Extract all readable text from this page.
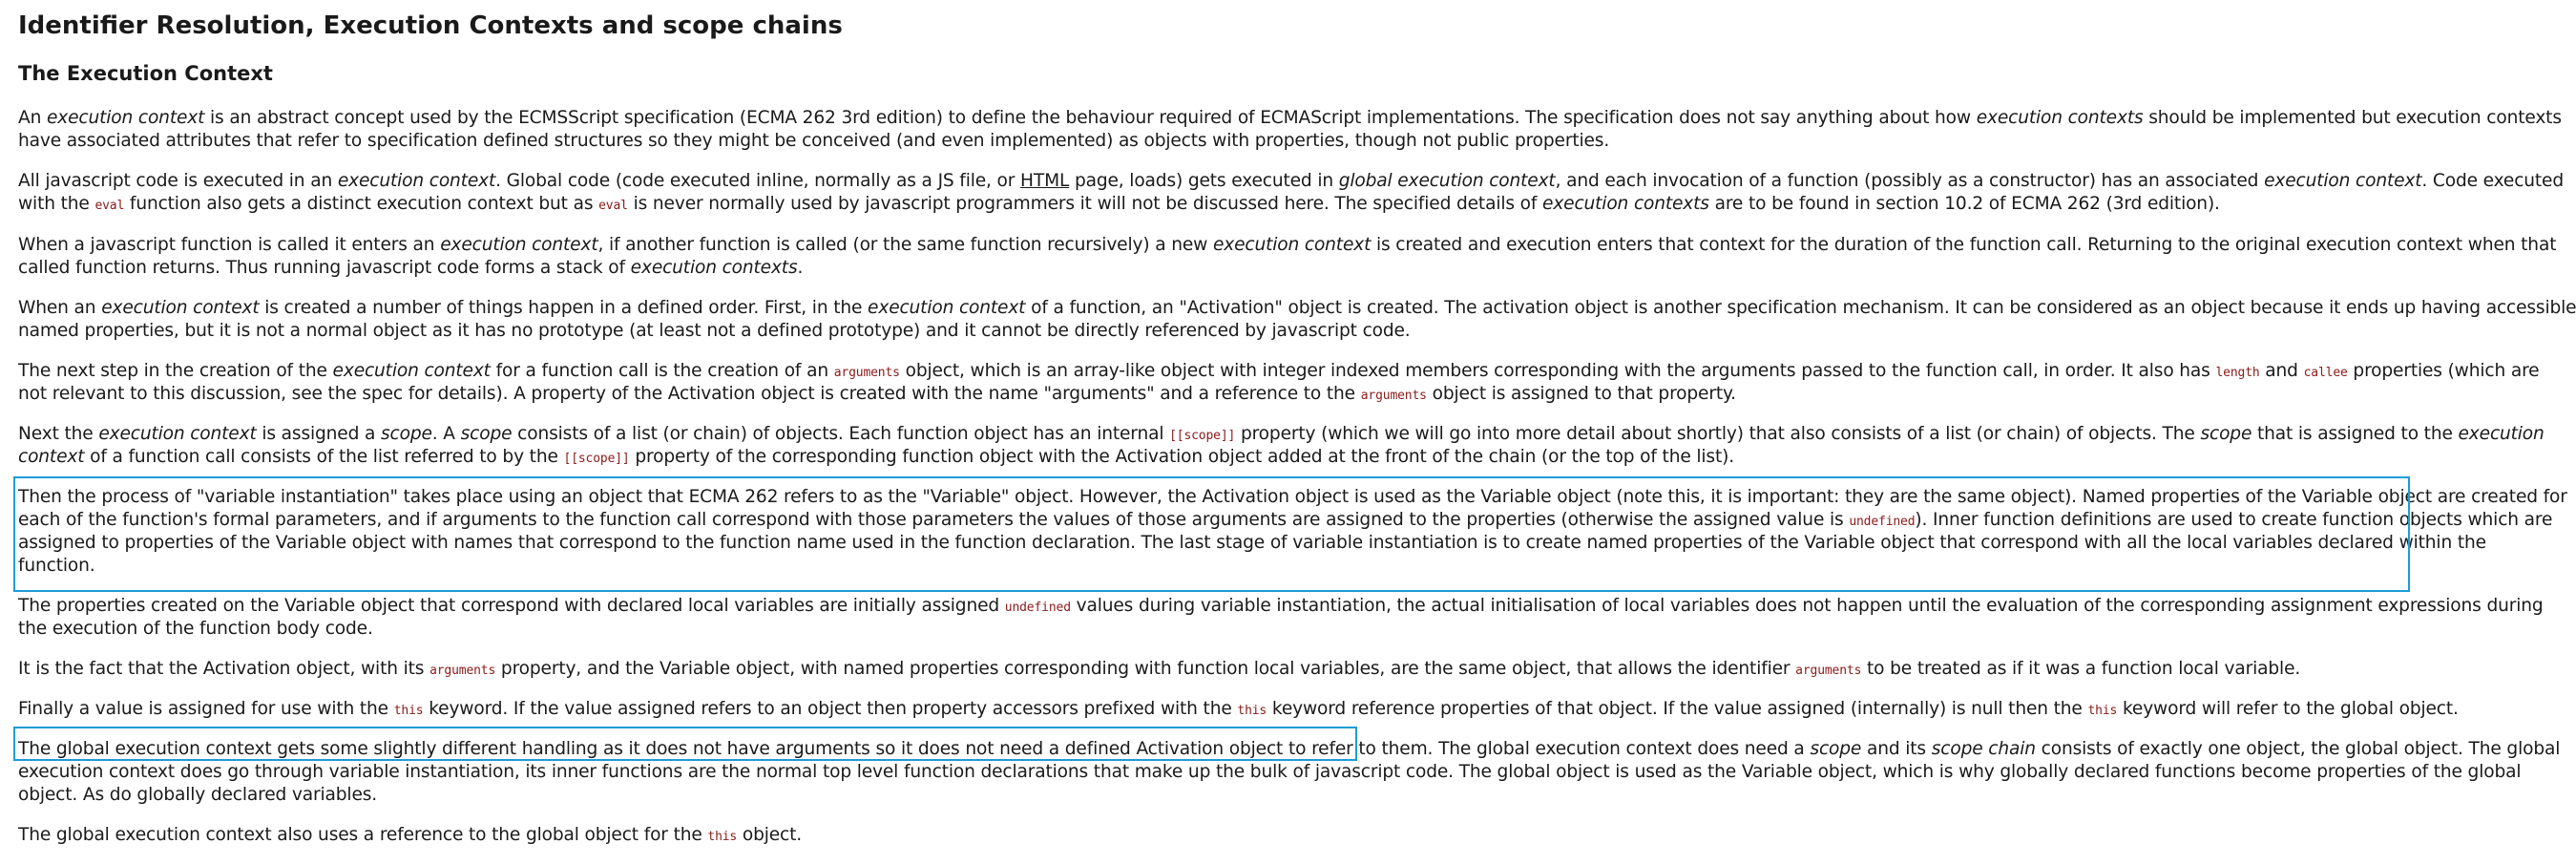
Identifier Resolution, Execution Contexts and scope chains
The Execution Context

An execution context is an abstract concept used by the ECMSScript specification (ECMA 262 3rd edition) to define the behaviour required of ECMAScript implementations. The specification does not say anything about how execution contexts should be implemented but execution contexts

have associated attributes that refer to specification defined structures so they might be conceived (and even implemented) as objects with properties, though not public properties.

All javascript code is executed in an execution context. Global code (code executed inline, normally as a JS file, or HTML page, loads) gets executed in global execution context, and each invocation of a function (possibly as a constructor) has an associated execution context. Code executed

with the eval function also gets a distinct execution context but as eval is never normally used by javascript programmers it will not be discussed here. The specified details of execution contexts are to be found in section 10.2 of ECMA 262 (3rd edition).

When a javascript function is called it enters an execution context, if another function is called (or the same function recursively) a new execution context is created and execution enters that context for the duration of the function call. Returning to the original execution context when that

called function returns. Thus running javascript code forms a stack of execution contexts.

When an execution context is created a number of things happen in a defined order. First, in the execution context of a function, an "Activation" object is created. The activation object is another specification mechanism. It can be considered as an object because it ends up having accessible

named properties, but it is not a normal object as it has no prototype (at least not a defined prototype) and it cannot be directly referenced by javascript code.

The next step in the creation of the execution context for a function call is the creation of an arguments object, which is an array-like object with integer indexed members corresponding with the arguments passed to the function call, in order. It also has length and callee properties (which are

not relevant to this discussion, see the spec for details). A property of the Activation object is created with the name "arguments" and a reference to the arguments object is assigned to that property.

Next the execution context is assigned a scope. A scope consists of a list (or chain) of objects. Each function object has an internal [[scope]] property (which we will go into more detail about shortly) that also consists of a list (or chain) of objects. The scope that is assigned to the execution

context of a function call consists of the list referred to by the [[scope]] property of the corresponding function object with the Activation object added at the front of the chain (or the top of the list).

Then the process of "variable instantiation" takes place using an object that ECMA 262 refers to as the "Variable" object. However, the Activation object is used as the Variable object (note this, it is important: they are the same object). Named properties of the Variable object are created for

each of the function's formal parameters, and if arguments to the function call correspond with those parameters the values of those arguments are assigned to the properties (otherwise the assigned value is undefined). Inner function definitions are used to create function objects which are

assigned to properties of the Variable object with names that correspond to the function name used in the function declaration. The last stage of variable instantiation is to create named properties of the Variable object that correspond with all the local variables declared within the

function.

The properties created on the Variable object that correspond with declared local variables are initially assigned undefined values during variable instantiation, the actual initialisation of local variables does not happen until the evaluation of the corresponding assignment expressions during

the execution of the function body code.

It is the fact that the Activation object, with its arguments property, and the Variable object, with named properties corresponding with function local variables, are the same object, that allows the identifier arguments to be treated as if it was a function local variable.

Finally a value is assigned for use with the this keyword. If the value assigned refers to an object then property accessors prefixed with the this keyword reference properties of that object. If the value assigned (internally) is null then the this keyword will refer to the global object.

The global execution context gets some slightly different handling as it does not have arguments so it does not need a defined Activation object to refer to them. The global execution context does need a scope and its scope chain consists of exactly one object, the global object. The global

execution context does go through variable instantiation, its inner functions are the normal top level function declarations that make up the bulk of javascript code. The global object is used as the Variable object, which is why globally declared functions become properties of the global

object. As do globally declared variables.

The global execution context also uses a reference to the global object for the this object.
